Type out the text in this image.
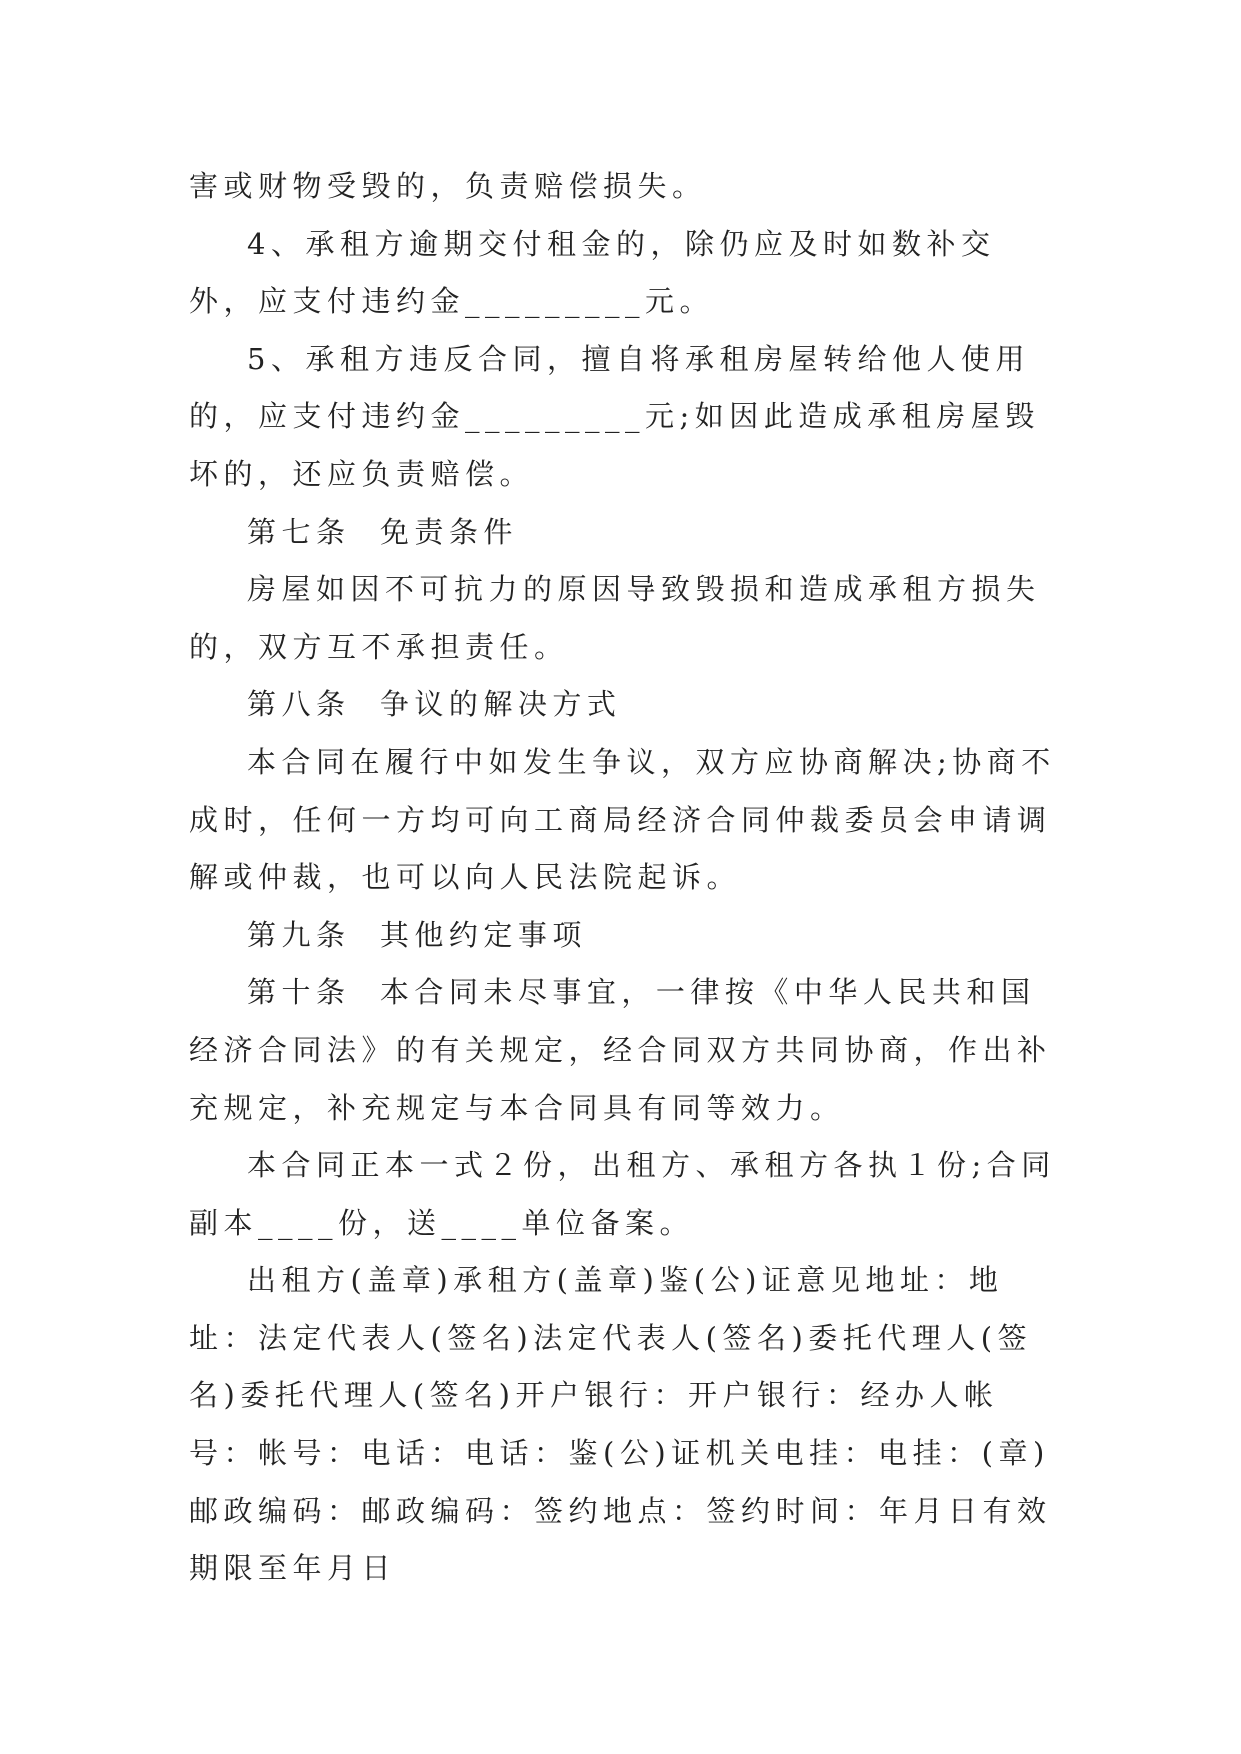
害或财物受毁的，负责赔偿损失。

4、承租方逾期交付租金的，除仍应及时如数补交外，应支付违约金_________元。

5、承租方违反合同，擅自将承租房屋转给他人使用的，应支付违约金_________元;如因此造成承租房屋毁坏的，还应负责赔偿。

第七条  免责条件

房屋如因不可抗力的原因导致毁损和造成承租方损失的，双方互不承担责任。

第八条  争议的解决方式

本合同在履行中如发生争议，双方应协商解决;协商不成时，任何一方均可向工商局经济合同仲裁委员会申请调解或仲裁，也可以向人民法院起诉。

第九条  其他约定事项

第十条  本合同未尽事宜，一律按《中华人民共和国经济合同法》的有关规定，经合同双方共同协商，作出补充规定，补充规定与本合同具有同等效力。

本合同正本一式２份，出租方、承租方各执１份;合同副本____份，送____单位备案。

出租方(盖章)承租方(盖章)鉴(公)证意见地址：地址：法定代表人(签名)法定代表人(签名)委托代理人(签名)委托代理人(签名)开户银行：开户银行：经办人帐号：帐号：电话：电话：鉴(公)证机关电挂：电挂：(章)邮政编码：邮政编码：签约地点：签约时间：年月日有效期限至年月日
